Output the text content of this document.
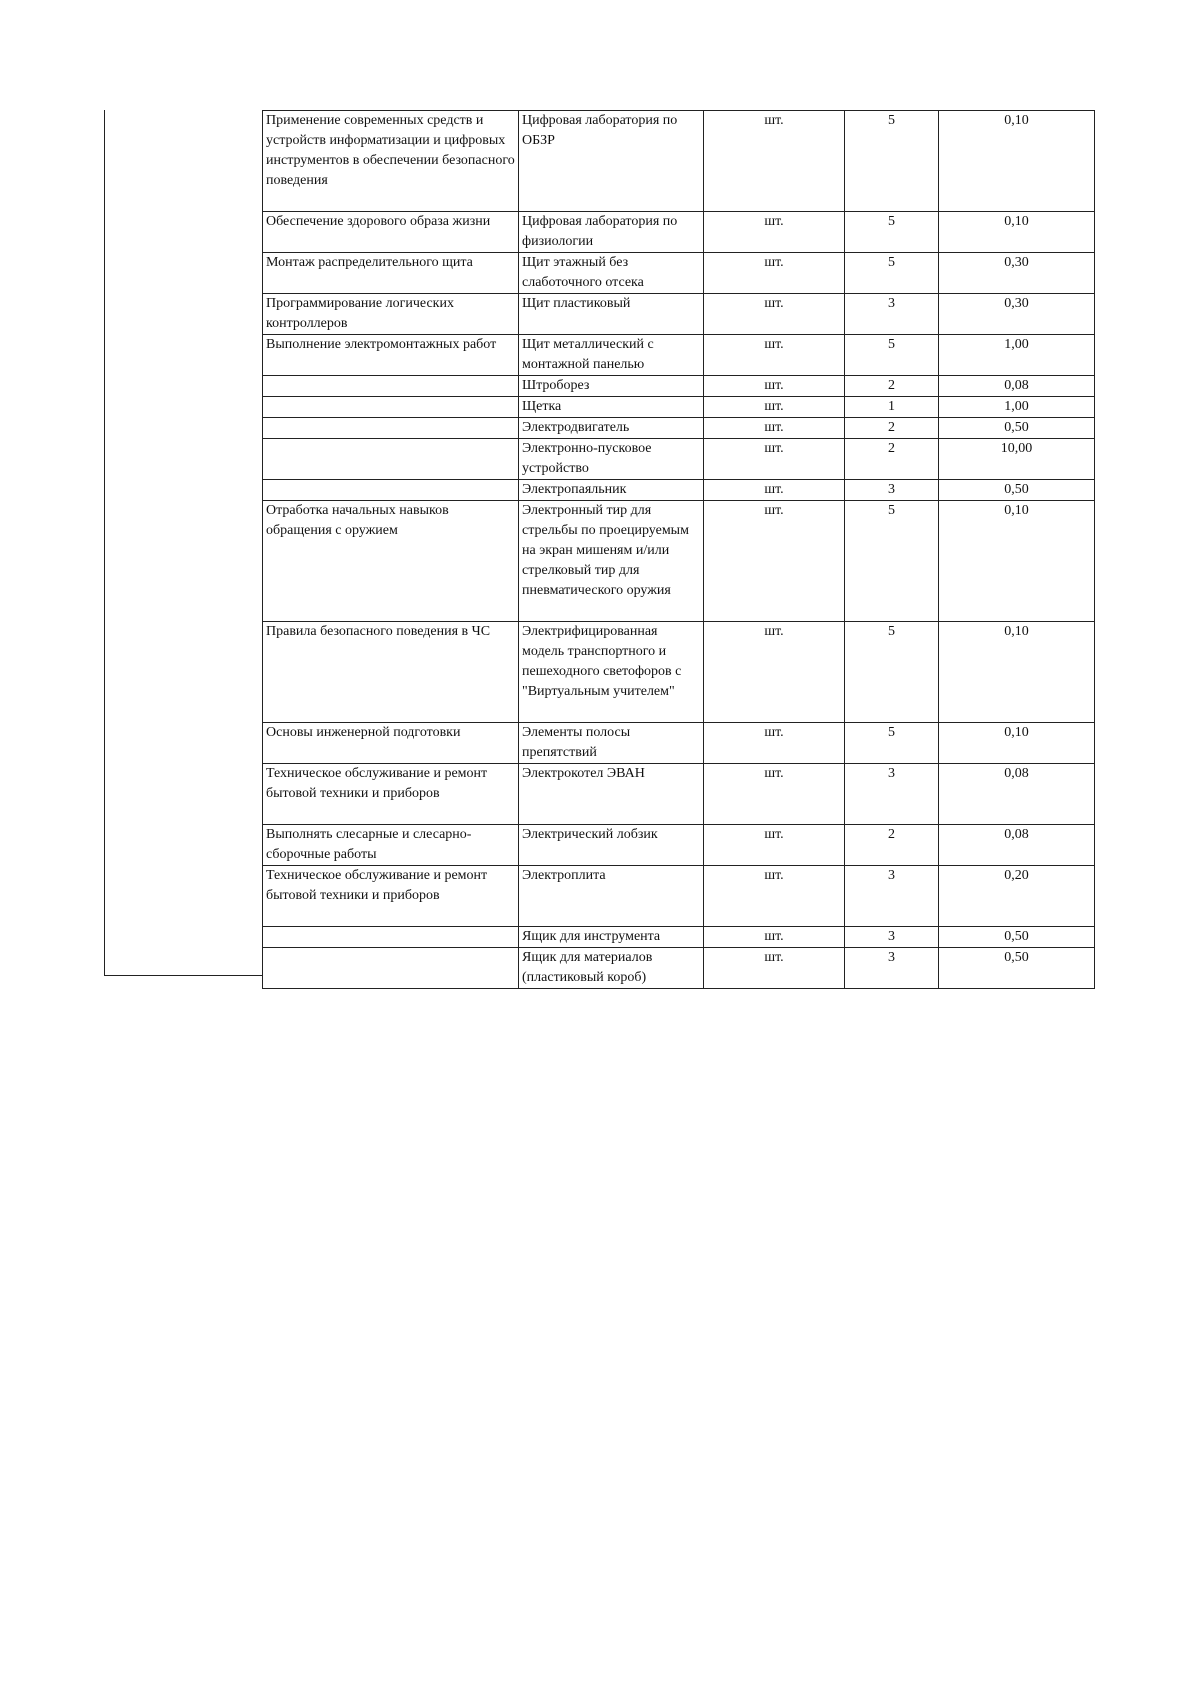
Применение современных средств и устройств информатизации и цифровых инструментов в обеспечении безопасного поведения	Цифровая лаборатория по ОБЗР	шт.	5	0,10
Обеспечение здорового образа жизни	Цифровая лаборатория по физиологии	шт.	5	0,10
Монтаж распределительного щита	Щит этажный без слаботочного отсека	шт.	5	0,30
Программирование логических контроллеров	Щит пластиковый	шт.	3	0,30
Выполнение электромонтажных работ	Щит металлический с монтажной панелью	шт.	5	1,00
	Штроборез	шт.	2	0,08
	Щетка	шт.	1	1,00
	Электродвигатель	шт.	2	0,50
	Электронно-пусковое устройство	шт.	2	10,00
	Электропаяльник	шт.	3	0,50
Отработка начальных навыков обращения с оружием	Электронный тир для стрельбы по проецируемым на экран мишеням и/или стрелковый тир для пневматического оружия	шт.	5	0,10
Правила безопасного поведения в ЧС	Электрифицированная модель транспортного и пешеходного светофоров с "Виртуальным учителем"	шт.	5	0,10
Основы инженерной подготовки	Элементы полосы препятствий	шт.	5	0,10
Техническое обслуживание и ремонт бытовой техники и приборов	Электрокотел ЭВАН	шт.	3	0,08
Выполнять слесарные и слесарно-сборочные работы	Электрический лобзик	шт.	2	0,08
Техническое обслуживание и ремонт бытовой техники и приборов	Электроплита	шт.	3	0,20
	Ящик для инструмента	шт.	3	0,50
	Ящик для материалов (пластиковый короб)	шт.	3	0,50
